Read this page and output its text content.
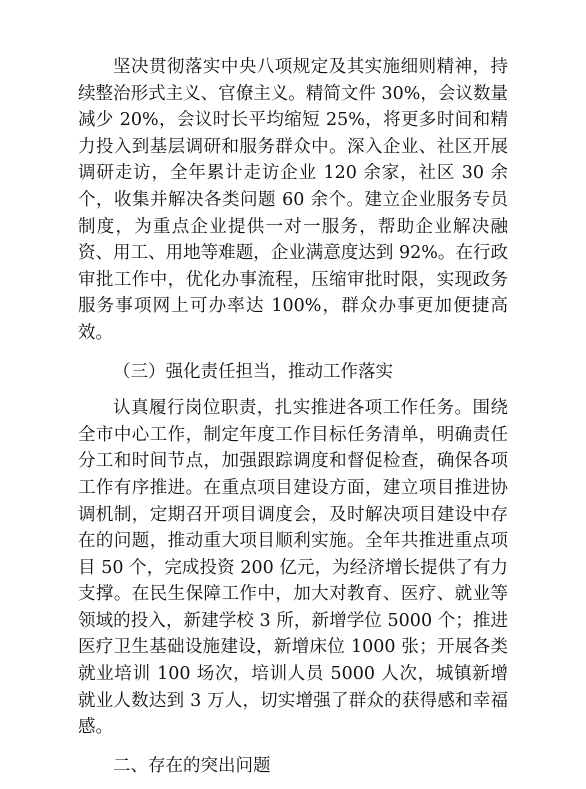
坚决贯彻落实中央八项规定及其实施细则精神，持续整治形式主义、官僚主义。精简文件 30%，会议数量减少 20%，会议时长平均缩短 25%，将更多时间和精力投入到基层调研和服务群众中。深入企业、社区开展调研走访，全年累计走访企业 120 余家，社区 30 余个，收集并解决各类问题 60 余个。建立企业服务专员制度，为重点企业提供一对一服务，帮助企业解决融资、用工、用地等难题，企业满意度达到 92%。在行政审批工作中，优化办事流程，压缩审批时限，实现政务服务事项网上可办率达 100%，群众办事更加便捷高效。

（三）强化责任担当，推动工作落实

认真履行岗位职责，扎实推进各项工作任务。围绕全市中心工作，制定年度工作目标任务清单，明确责任分工和时间节点，加强跟踪调度和督促检查，确保各项工作有序推进。在重点项目建设方面，建立项目推进协调机制，定期召开项目调度会，及时解决项目建设中存在的问题，推动重大项目顺利实施。全年共推进重点项目 50 个，完成投资 200 亿元，为经济增长提供了有力支撑。在民生保障工作中，加大对教育、医疗、就业等领域的投入，新建学校 3 所，新增学位 5000 个；推进医疗卫生基础设施建设，新增床位 1000 张；开展各类就业培训 100 场次，培训人员 5000 人次，城镇新增就业人数达到 3 万人，切实增强了群众的获得感和幸福感。

二、存在的突出问题
